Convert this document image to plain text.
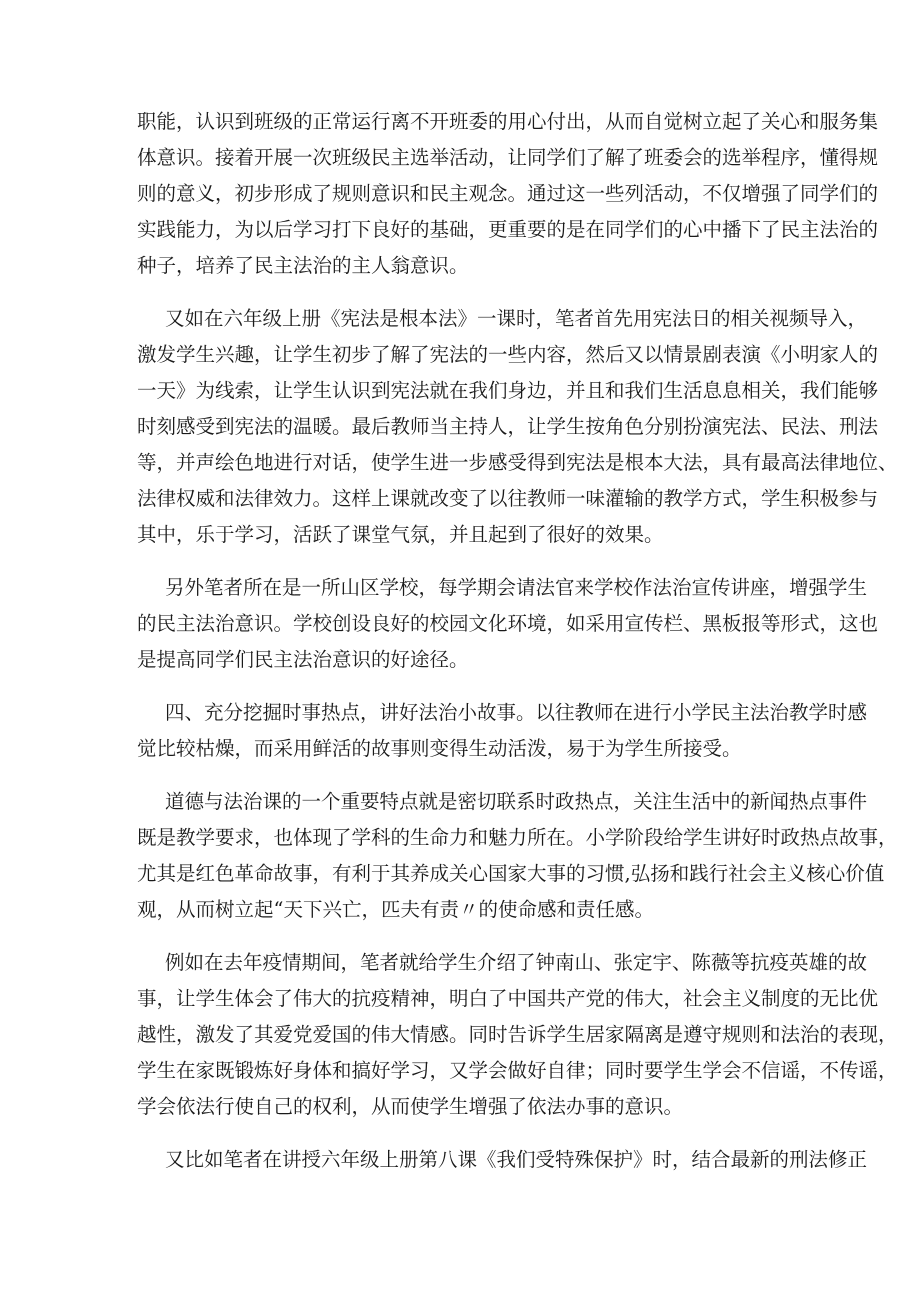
职能，认识到班级的正常运行离不开班委的用心付出，从而自觉树立起了关心和服务集
体意识。接着开展一次班级民主选举活动，让同学们了解了班委会的选举程序，懂得规
则的意义，初步形成了规则意识和民主观念。通过这一些列活动，不仅增强了同学们的
实践能力，为以后学习打下良好的基础，更重要的是在同学们的心中播下了民主法治的
种子，培养了民主法治的主人翁意识。
又如在六年级上册《宪法是根本法》一课时，笔者首先用宪法日的相关视频导入，
激发学生兴趣，让学生初步了解了宪法的一些内容，然后又以情景剧表演《小明家人的
一天》为线索，让学生认识到宪法就在我们身边，并且和我们生活息息相关，我们能够
时刻感受到宪法的温暖。最后教师当主持人，让学生按角色分别扮演宪法、民法、刑法
等，并声绘色地进行对话，使学生进一步感受得到宪法是根本大法，具有最高法律地位、
法律权威和法律效力。这样上课就改变了以往教师一味灌输的教学方式，学生积极参与
其中，乐于学习，活跃了课堂气氛，并且起到了很好的效果。
另外笔者所在是一所山区学校，每学期会请法官来学校作法治宣传讲座，增强学生
的民主法治意识。学校创设良好的校园文化环境，如采用宣传栏、黑板报等形式，这也
是提高同学们民主法治意识的好途径。
四、充分挖掘时事热点，讲好法治小故事。以往教师在进行小学民主法治教学时感
觉比较枯燥，而采用鲜活的故事则变得生动活泼，易于为学生所接受。
道德与法治课的一个重要特点就是密切联系时政热点，关注生活中的新闻热点事件
既是教学要求，也体现了学科的生命力和魅力所在。小学阶段给学生讲好时政热点故事，
尤其是红色革命故事，有利于其养成关心国家大事的习惯,弘扬和践行社会主义核心价值
观，从而树立起“天下兴亡，匹夫有责〃的使命感和责任感。
例如在去年疫情期间，笔者就给学生介绍了钟南山、张定宇、陈薇等抗疫英雄的故
事，让学生体会了伟大的抗疫精神，明白了中国共产党的伟大，社会主义制度的无比优
越性，激发了其爱党爱国的伟大情感。同时告诉学生居家隔离是遵守规则和法治的表现，
学生在家既锻炼好身体和搞好学习，又学会做好自律；同时要学生学会不信谣，不传谣，
学会依法行使自己的权利，从而使学生增强了依法办事的意识。
又比如笔者在讲授六年级上册第八课《我们受特殊保护》时，结合最新的刑法修正
